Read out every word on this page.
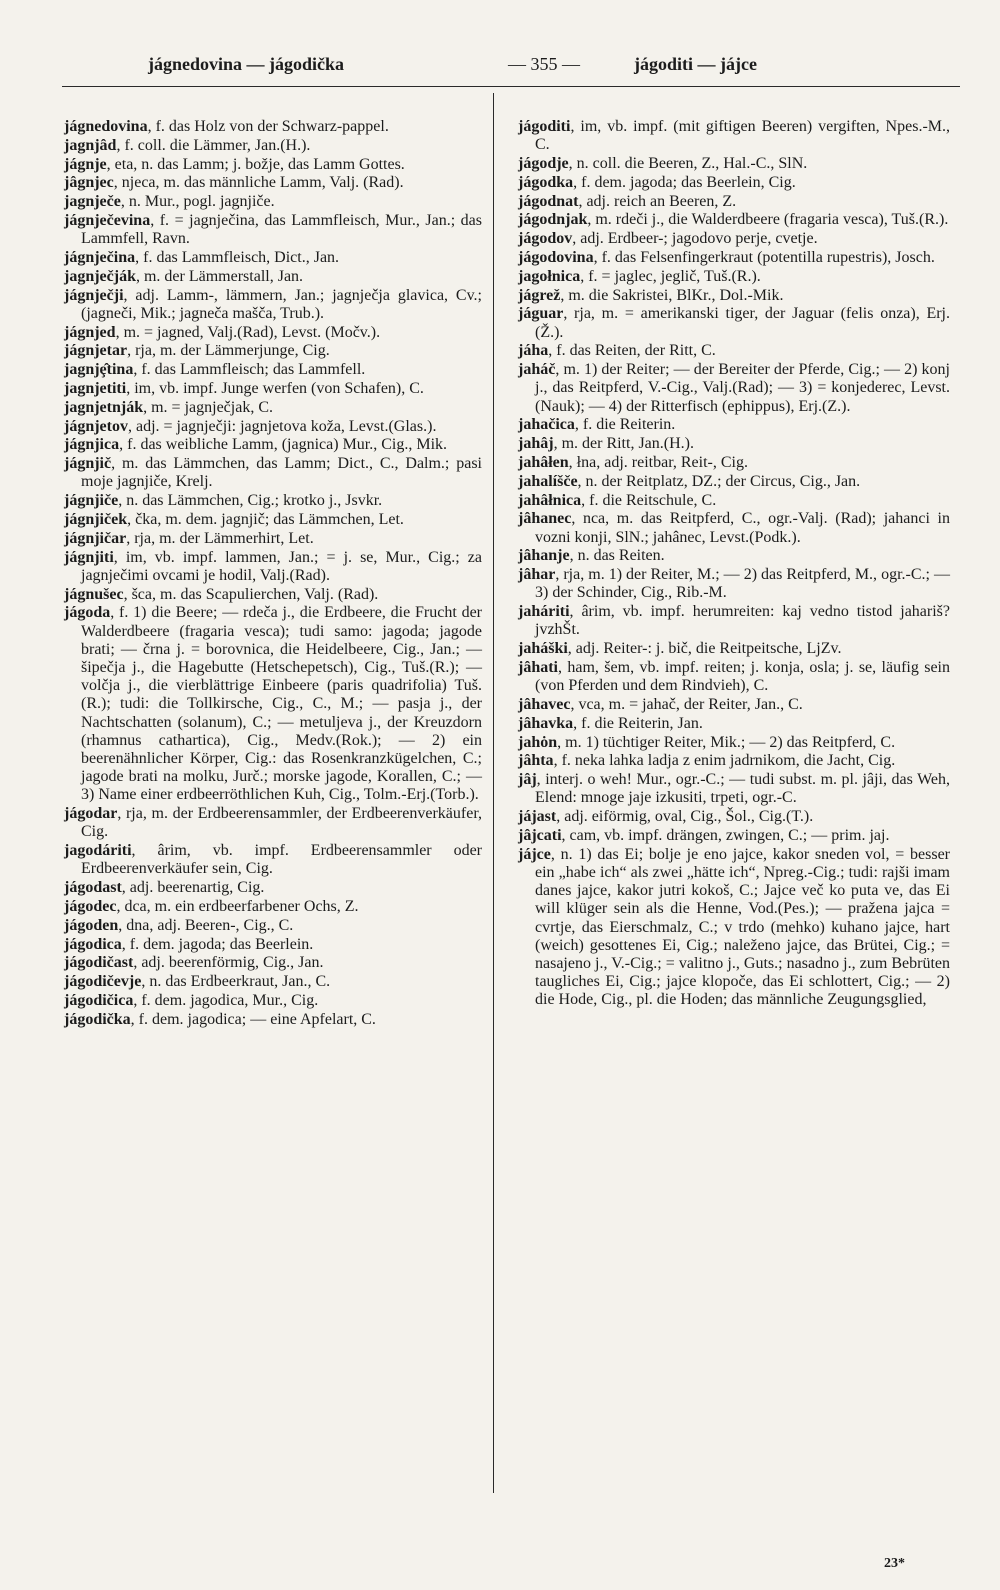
jágnedovina — jágodička	— 355 —	jágoditi — jájce

jágnedovina, f. das Holz von der Schwarz-pappel.

jagnjâd, f. coll. die Lämmer, Jan.(H.).

jágnje, eta, n. das Lamm; j. božje, das Lamm Gottes.

jâgnjec, njeca, m. das männliche Lamm, Valj. (Rad).

jagnječe, n. Mur., pogl. jagnjiče.

jágnječevina, f. = jagnječina, das Lammfleisch, Mur., Jan.; das Lammfell, Ravn.

jágnječina, f. das Lammfleisch, Dict., Jan.

jagnječják, m. der Lämmerstall, Jan.

jágnječji, adj. Lamm-, lämmern, Jan.; jagnječja glavica, Cv.; (jagneči, Mik.; jagneča mašča, Trub.).

jágnjed, m. = jagned, Valj.(Rad), Levst. (Močv.).

jágnjetar, rja, m. der Lämmerjunge, Cig.

jagnjȩ̂tina, f. das Lammfleisch; das Lammfell.

jagnjetiti, im, vb. impf. Junge werfen (von Schafen), C.

jagnjetnják, m. = jagnječjak, C.

jágnjetov, adj. = jagnječji: jagnjetova koža, Levst.(Glas.).

jágnjica, f. das weibliche Lamm, (jagnica) Mur., Cig., Mik.

jágnjič, m. das Lämmchen, das Lamm; Dict., C., Dalm.; pasi moje jagnjiče, Krelj.

jágnjiče, n. das Lämmchen, Cig.; krotko j., Jsvkr.

jágnjiček, čka, m. dem. jagnjič; das Lämmchen, Let.

jágnjičar, rja, m. der Lämmerhirt, Let.

jágnjiti, im, vb. impf. lammen, Jan.; = j. se, Mur., Cig.; za jagnječimi ovcami je hodil, Valj.(Rad).

jágnušec, šca, m. das Scapulierchen, Valj. (Rad).

jágoda, f. 1) die Beere; — rdeča j., die Erdbeere, die Frucht der Walderdbeere (fragaria vesca); tudi samo: jagoda; jagode brati; — črna j. = borovnica, die Heidelbeere, Cig., Jan.; — šipečja j., die Hagebutte (Hetschepetsch), Cig., Tuš.(R.); — volčja j., die vierblättrige Einbeere (paris quadrifolia) Tuš.(R.); tudi: die Tollkirsche, Cig., C., M.; — pasja j., der Nachtschatten (solanum), C.; — metuljeva j., der Kreuzdorn (rhamnus cathartica), Cig., Medv.(Rok.); — 2) ein beerenähnlicher Körper, Cig.: das Rosenkranzkügelchen, C.; jagode brati na molku, Jurč.; morske jagode, Korallen, C.; — 3) Name einer erdbeerröthlichen Kuh, Cig., Tolm.-Erj.(Torb.).

jágodar, rja, m. der Erdbeerensammler, der Erdbeerenverkäufer, Cig.

jagodáriti, ârim, vb. impf. Erdbeerensammler oder Erdbeerenverkäufer sein, Cig.

jágodast, adj. beerenartig, Cig.

jágodec, dca, m. ein erdbeerfarbener Ochs, Z.

jágoden, dna, adj. Beeren-, Cig., C.

jágodica, f. dem. jagoda; das Beerlein.

jágodičast, adj. beerenförmig, Cig., Jan.

jágodičevje, n. das Erdbeerkraut, Jan., C.

jágodičica, f. dem. jagodica, Mur., Cig.

jágodička, f. dem. jagodica; — eine Apfelart, C.

jágoditi, im, vb. impf. (mit giftigen Beeren) vergiften, Npes.-M., C.

jágodje, n. coll. die Beeren, Z., Hal.-C., SlN.

jágodka, f. dem. jagoda; das Beerlein, Cig.

jágodnat, adj. reich an Beeren, Z.

jágodnjak, m. rdeči j., die Walderdbeere (fragaria vesca), Tuš.(R.).

jágodov, adj. Erdbeer-; jagodovo perje, cvetje.

jágodovina, f. das Felsenfingerkraut (potentilla rupestris), Josch.

jagołnica, f. = jaglec, jeglič, Tuš.(R.).

jágrež, m. die Sakristei, BlKr., Dol.-Mik.

jáguar, rja, m. = amerikanski tiger, der Jaguar (felis onza), Erj.(Ž.).

jáha, f. das Reiten, der Ritt, C.

jaháč, m. 1) der Reiter; — der Bereiter der Pferde, Cig.; — 2) konj j., das Reitpferd, V.-Cig., Valj.(Rad); — 3) = konjederec, Levst.(Nauk); — 4) der Ritterfisch (ephippus), Erj.(Z.).

jahačica, f. die Reiterin.

jahâj, m. der Ritt, Jan.(H.).

jahâłen, łna, adj. reitbar, Reit-, Cig.

jahalíšče, n. der Reitplatz, DZ.; der Circus, Cig., Jan.

jahâłnica, f. die Reitschule, C.

jâhanec, nca, m. das Reitpferd, C., ogr.-Valj. (Rad); jahanci in vozni konji, SlN.; jahânec, Levst.(Podk.).

jâhanje, n. das Reiten.

jâhar, rja, m. 1) der Reiter, M.; — 2) das Reitpferd, M., ogr.-C.; — 3) der Schinder, Cig., Rib.-M.

jaháriti, ârim, vb. impf. herumreiten: kaj vedno tistod jahariš? jvzhŠt.

jaháški, adj. Reiter-: j. bič, die Reitpeitsche, LjZv.

jâhati, ham, šem, vb. impf. reiten; j. konja, osla; j. se, läufig sein (von Pferden und dem Rindvieh), C.

jâhavec, vca, m. = jahač, der Reiter, Jan., C.

jâhavka, f. die Reiterin, Jan.

jahȯn, m. 1) tüchtiger Reiter, Mik.; — 2) das Reitpferd, C.

jâhta, f. neka lahka ladja z enim jadrnikom, die Jacht, Cig.

jâj, interj. o weh! Mur., ogr.-C.; — tudi subst. m. pl. jâji, das Weh, Elend: mnoge jaje izkusiti, trpeti, ogr.-C.

jájast, adj. eiförmig, oval, Cig., Šol., Cig.(T.).

jâjcati, cam, vb. impf. drängen, zwingen, C.; — prim. jaj.

jájce, n. 1) das Ei; bolje je eno jajce, kakor sneden vol, = besser ein „habe ich“ als zwei „hätte ich“, Npreg.-Cig.; tudi: rajši imam danes jajce, kakor jutri kokoš, C.; Jajce več ko puta ve, das Ei will klüger sein als die Henne, Vod.(Pes.); — pražena jajca = cvrtje, das Eierschmalz, C.; v trdo (mehko) kuhano jajce, hart (weich) gesottenes Ei, Cig.; naleženo jajce, das Brütei, Cig.; = nasajeno j., V.-Cig.; = valitno j., Guts.; nasadno j., zum Bebrüten taugliches Ei, Cig.; jajce klopoče, das Ei schlottert, Cig.; — 2) die Hode, Cig., pl. die Hoden; das männliche Zeugungsglied,

23*
